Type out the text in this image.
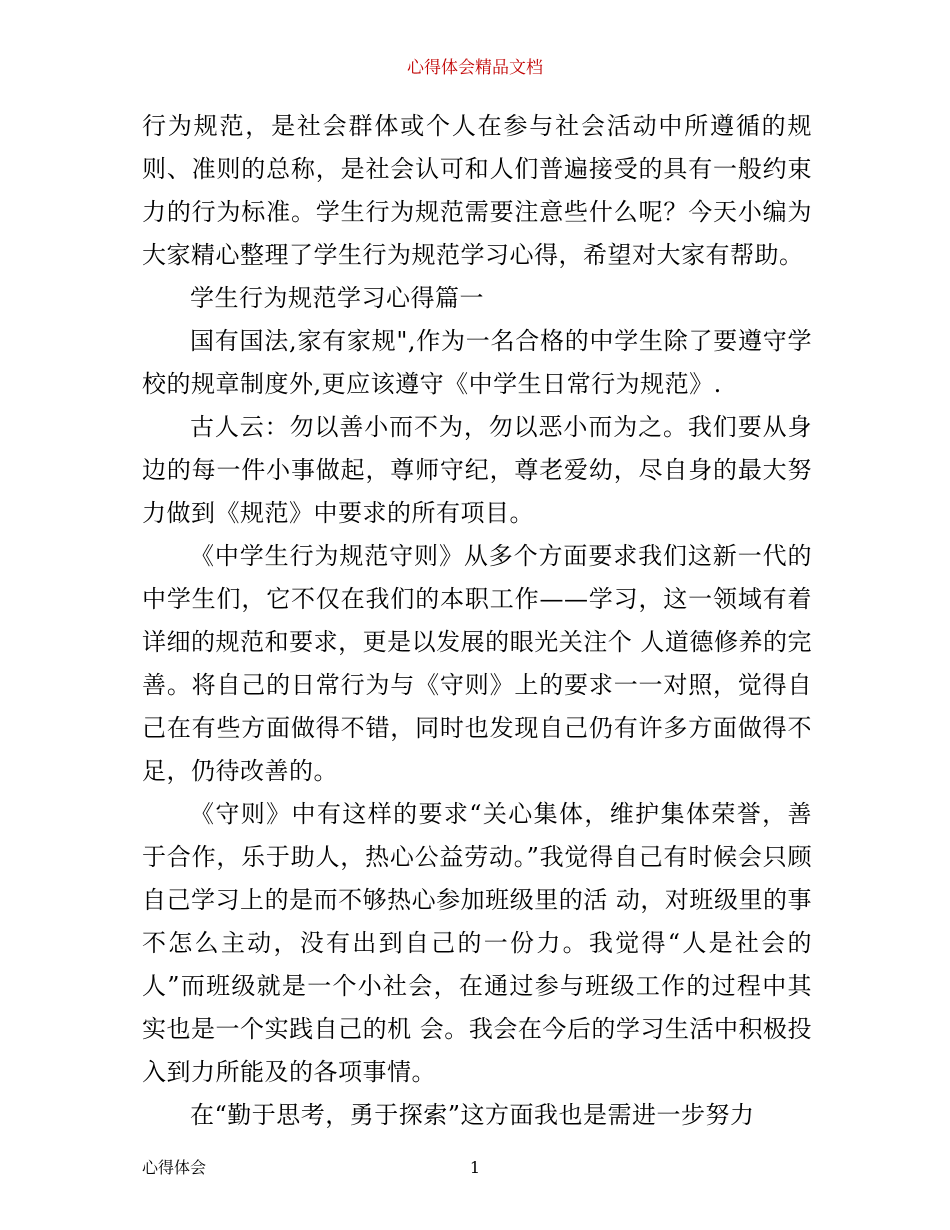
心得体会精品文档

行为规范，是社会群体或个人在参与社会活动中所遵循的规则、准则的总称，是社会认可和人们普遍接受的具有一般约束力的行为标准。学生行为规范需要注意些什么呢？今天小编为大家精心整理了学生行为规范学习心得，希望对大家有帮助。

学生行为规范学习心得篇一

国有国法,家有家规",作为一名合格的中学生除了要遵守学校的规章制度外,更应该遵守《中学生日常行为规范》.

古人云：勿以善小而不为，勿以恶小而为之。我们要从身边的每一件小事做起，尊师守纪，尊老爱幼，尽自身的最大努力做到《规范》中要求的所有项目。

《中学生行为规范守则》从多个方面要求我们这新一代的中学生们，它不仅在我们的本职工作——学习，这一领域有着详细的规范和要求，更是以发展的眼光关注个 人道德修养的完善。将自己的日常行为与《守则》上的要求一一对照，觉得自己在有些方面做得不错，同时也发现自己仍有许多方面做得不足，仍待改善的。

《守则》中有这样的要求“关心集体，维护集体荣誉，善于合作，乐于助人，热心公益劳动。”我觉得自己有时候会只顾自己学习上的是而不够热心参加班级里的活 动，对班级里的事不怎么主动，没有出到自己的一份力。我觉得“人是社会的人”而班级就是一个小社会，在通过参与班级工作的过程中其实也是一个实践自己的机 会。我会在今后的学习生活中积极投入到力所能及的各项事情。

在“勤于思考，勇于探索”这方面我也是需进一步努力

心得体会	1
